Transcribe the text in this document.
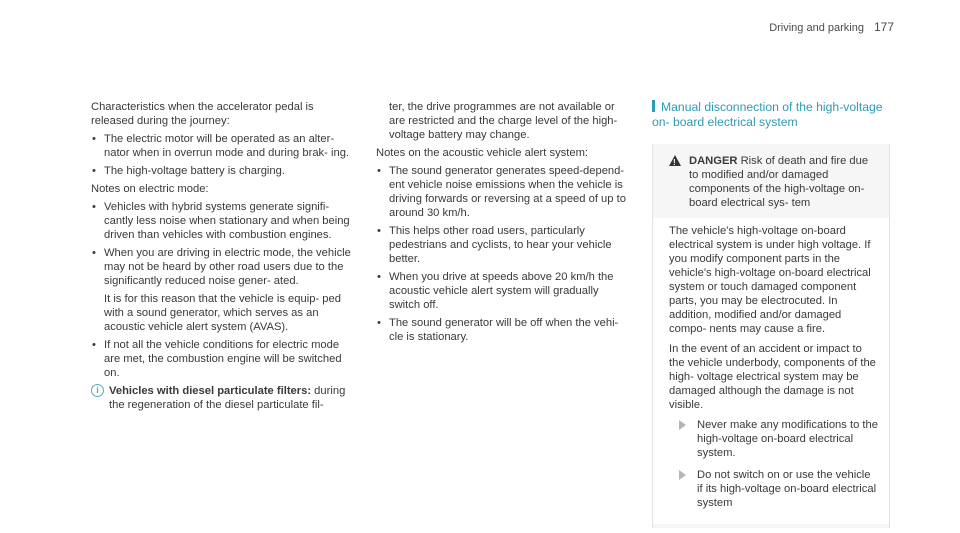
Driving and parking 177

Characteristics when the accelerator pedal is released during the journey:

• The electric motor will be operated as an alter- nator when in overrun mode and during brak- ing.
• The high-voltage battery is charging.

Notes on electric mode:

• Vehicles with hybrid systems generate signifi- cantly less noise when stationary and when being driven than vehicles with combustion engines.
• When you are driving in electric mode, the vehicle may not be heard by other road users due to the significantly reduced noise gener- ated.
It is for this reason that the vehicle is equip- ped with a sound generator, which serves as an acoustic vehicle alert system (AVAS).
• If not all the vehicle conditions for electric mode are met, the combustion engine will be switched on.
i Vehicles with diesel particulate filters: during the regeneration of the diesel particulate fil-

ter, the drive programmes are not available or are restricted and the charge level of the high- voltage battery may change.

Notes on the acoustic vehicle alert system:

• The sound generator generates speed-depend- ent vehicle noise emissions when the vehicle is driving forwards or reversing at a speed of up to around 30 km/h.
• This helps other road users, particularly pedestrians and cyclists, to hear your vehicle better.
• When you drive at speeds above 20 km/h the acoustic vehicle alert system will gradually switch off.
• The sound generator will be off when the vehi- cle is stationary.
Manual disconnection of the high-voltage on- board electrical system
!
DANGER Risk of death and fire due to modified and/or damaged components of the high-voltage on-board electrical sys- tem

The vehicle's high-voltage on-board electrical system is under high voltage. If you modify component parts in the vehicle's high-voltage on-board electrical system or touch damaged component parts, you may be electrocuted. In addition, modified and/or damaged compo- nents may cause a fire.

In the event of an accident or impact to the vehicle underbody, components of the high- voltage electrical system may be damaged although the damage is not visible.

Never make any modifications to the high-voltage on-board electrical system.
Do not switch on or use the vehicle if its high-voltage on-board electrical system
